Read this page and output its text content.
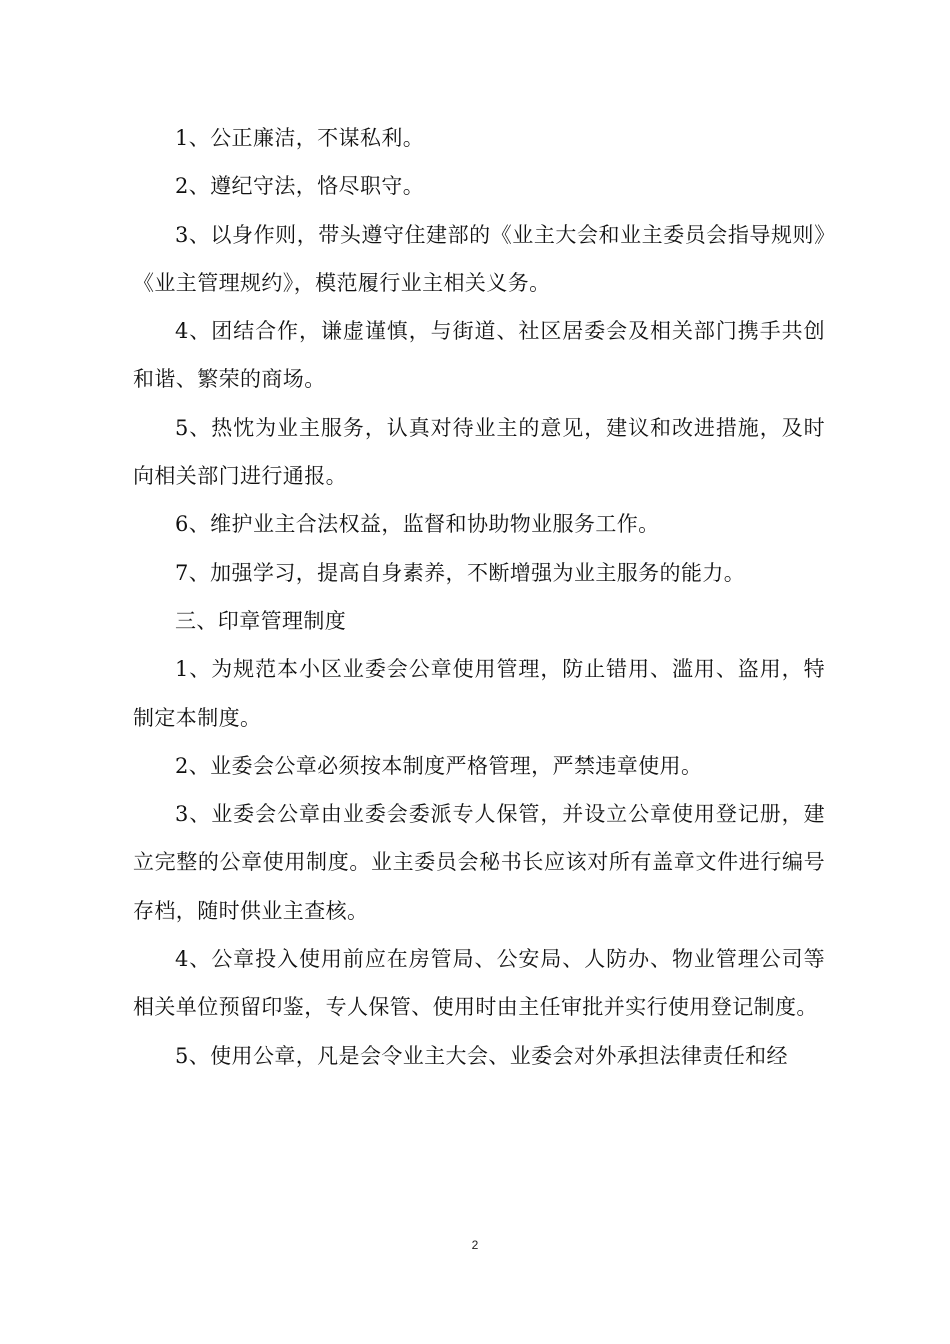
1、公正廉洁，不谋私利。

2、遵纪守法，恪尽职守。

3、以身作则，带头遵守住建部的《业主大会和业主委员会指导规则》《业主管理规约》，模范履行业主相关义务。

4、团结合作，谦虚谨慎，与街道、社区居委会及相关部门携手共创和谐、繁荣的商场。

5、热忱为业主服务，认真对待业主的意见，建议和改进措施，及时向相关部门进行通报。

6、维护业主合法权益，监督和协助物业服务工作。

7、加强学习，提高自身素养，不断增强为业主服务的能力。

三、印章管理制度

1、为规范本小区业委会公章使用管理，防止错用、滥用、盗用，特制定本制度。

2、业委会公章必须按本制度严格管理，严禁违章使用。

3、业委会公章由业委会委派专人保管，并设立公章使用登记册，建立完整的公章使用制度。业主委员会秘书长应该对所有盖章文件进行编号存档，随时供业主查核。

4、公章投入使用前应在房管局、公安局、人防办、物业管理公司等相关单位预留印鉴，专人保管、使用时由主任审批并实行使用登记制度。

5、使用公章，凡是会令业主大会、业委会对外承担法律责任和经

2
